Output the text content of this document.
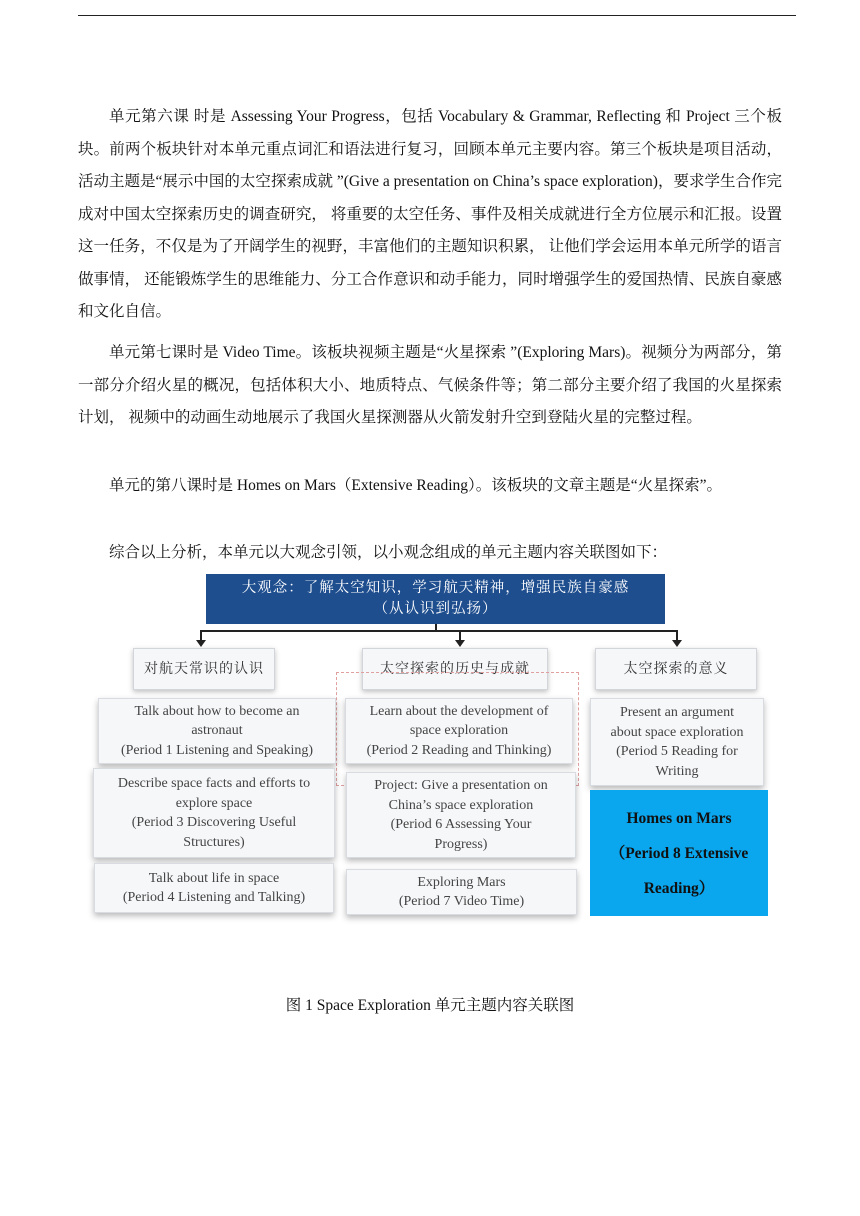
单元第六课 时是 Assessing Your Progress，包括 Vocabulary & Grammar, Reflecting 和 Project 三个板块。前两个板块针对本单元重点词汇和语法进行复习，回顾本单元主要内容。第三个板块是项目活动， 活动主题是“展示中国的太空探索成就 ”(Give a presentation on China’s space exploration)，要求学生合作完成对中国太空探索历史的调查研究， 将重要的太空任务、事件及相关成就进行全方位展示和汇报。设置这一任务，不仅是为了开阔学生的视野，丰富他们的主题知识积累， 让他们学会运用本单元所学的语言做事情， 还能锻炼学生的思维能力、分工合作意识和动手能力，同时增强学生的爱国热情、民族自豪感和文化自信。

单元第七课时是 Video Time。该板块视频主题是“火星探索 ”(Exploring Mars)。视频分为两部分，第一部分介绍火星的概况，包括体积大小、地质特点、气候条件等；第二部分主要介绍了我国的火星探索计划， 视频中的动画生动地展示了我国火星探测器从火箭发射升空到登陆火星的完整过程。

单元的第八课时是 Homes on Mars（Extensive Reading）。该板块的文章主题是“火星探索”。

综合以上分析，本单元以大观念引领，以小观念组成的单元主题内容关联图如下：

大观念：了解太空知识，学习航天精神，增强民族自豪感
（从认识到弘扬）
对航天常识的认识	太空探索的历史与成就	太空探索的意义
Talk about how to become an
astronaut
(Period 1 Listening and Speaking)
Describe space facts and efforts to
explore space
(Period 3 Discovering Useful
Structures)
Talk about life in space
(Period 4 Listening and Talking)
Learn about the development of
space exploration
(Period 2 Reading and Thinking)
Project: Give a presentation on
China’s space exploration
(Period 6 Assessing Your
Progress)
Exploring Mars
(Period 7 Video Time)
Present an argument
about space exploration
(Period 5 Reading for
Writing
Homes on Mars
（Period 8 Extensive
Reading）
图 1 Space Exploration 单元主题内容关联图
